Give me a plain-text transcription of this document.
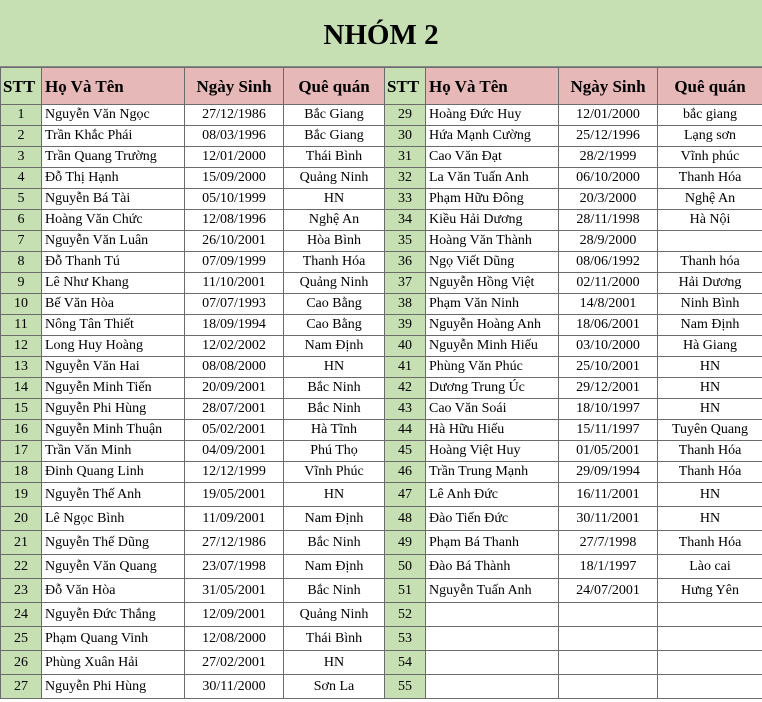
NHÓM 2
STT	Họ Và Tên	Ngày Sinh	Quê quán	STT	Họ Và Tên	Ngày Sinh	Quê quán
1	Nguyễn Văn Ngọc	27/12/1986	Bắc Giang	29	Hoàng Đức Huy	12/01/2000	bắc giang
2	Trần Khắc Phái	08/03/1996	Bắc Giang	30	Hứa Mạnh Cường	25/12/1996	Lạng sơn
3	Trần Quang Trường	12/01/2000	Thái Bình	31	Cao Văn Đạt	28/2/1999	Vĩnh phúc
4	Đỗ Thị Hạnh	15/09/2000	Quảng Ninh	32	La Văn Tuấn Anh	06/10/2000	Thanh Hóa
5	Nguyễn Bá Tài	05/10/1999	HN	33	Phạm Hữu Đông	20/3/2000	Nghệ An
6	Hoàng Văn Chức	12/08/1996	Nghệ An	34	Kiều Hải Dương	28/11/1998	Hà Nội
7	Nguyễn Văn Luân	26/10/2001	Hòa Bình	35	Hoàng Văn Thành	28/9/2000	
8	Đỗ Thanh Tú	07/09/1999	Thanh Hóa	36	Ngọ Viết Dũng	08/06/1992	Thanh hóa
9	Lê Như Khang	11/10/2001	Quảng Ninh	37	Nguyễn Hồng Việt	02/11/2000	Hải Dương
10	Bế Văn Hòa	07/07/1993	Cao Bằng	38	Phạm Văn Ninh	14/8/2001	Ninh Bình
11	Nông Tân Thiết	18/09/1994	Cao Bằng	39	Nguyễn Hoàng Anh	18/06/2001	Nam Định
12	Long Huy Hoàng	12/02/2002	Nam Định	40	Nguyễn Minh Hiếu	03/10/2000	Hà Giang
13	Nguyễn Văn Hai	08/08/2000	HN	41	Phùng Văn Phúc	25/10/2001	HN
14	Nguyễn Minh Tiến	20/09/2001	Bắc Ninh	42	Dương Trung Úc	29/12/2001	HN
15	Nguyễn Phi Hùng	28/07/2001	Bắc Ninh	43	Cao Văn Soái	18/10/1997	HN
16	Nguyễn Minh Thuận	05/02/2001	Hà Tĩnh	44	Hà Hữu Hiếu	15/11/1997	Tuyên Quang
17	Trần Văn Minh	04/09/2001	Phú Thọ	45	Hoàng Việt Huy	01/05/2001	Thanh Hóa
18	Đinh Quang Linh	12/12/1999	Vĩnh Phúc	46	Trần Trung Mạnh	29/09/1994	Thanh Hóa
19	Nguyễn Thế Anh	19/05/2001	HN	47	Lê Anh Đức	16/11/2001	HN
20	Lê Ngọc Bình	11/09/2001	Nam Định	48	Đào Tiến Đức	30/11/2001	HN
21	Nguyễn Thế Dũng	27/12/1986	Bắc Ninh	49	Phạm Bá Thanh	27/7/1998	Thanh Hóa
22	Nguyễn Văn Quang	23/07/1998	Nam Định	50	Đào Bá Thành	18/1/1997	Lào cai
23	Đỗ Văn Hòa	31/05/2001	Bắc Ninh	51	Nguyễn Tuấn Anh	24/07/2001	Hưng Yên
24	Nguyễn Đức Thắng	12/09/2001	Quảng Ninh	52			
25	Phạm Quang Vinh	12/08/2000	Thái Bình	53			
26	Phùng Xuân Hải	27/02/2001	HN	54			
27	Nguyễn Phi Hùng	30/11/2000	Sơn La	55			
